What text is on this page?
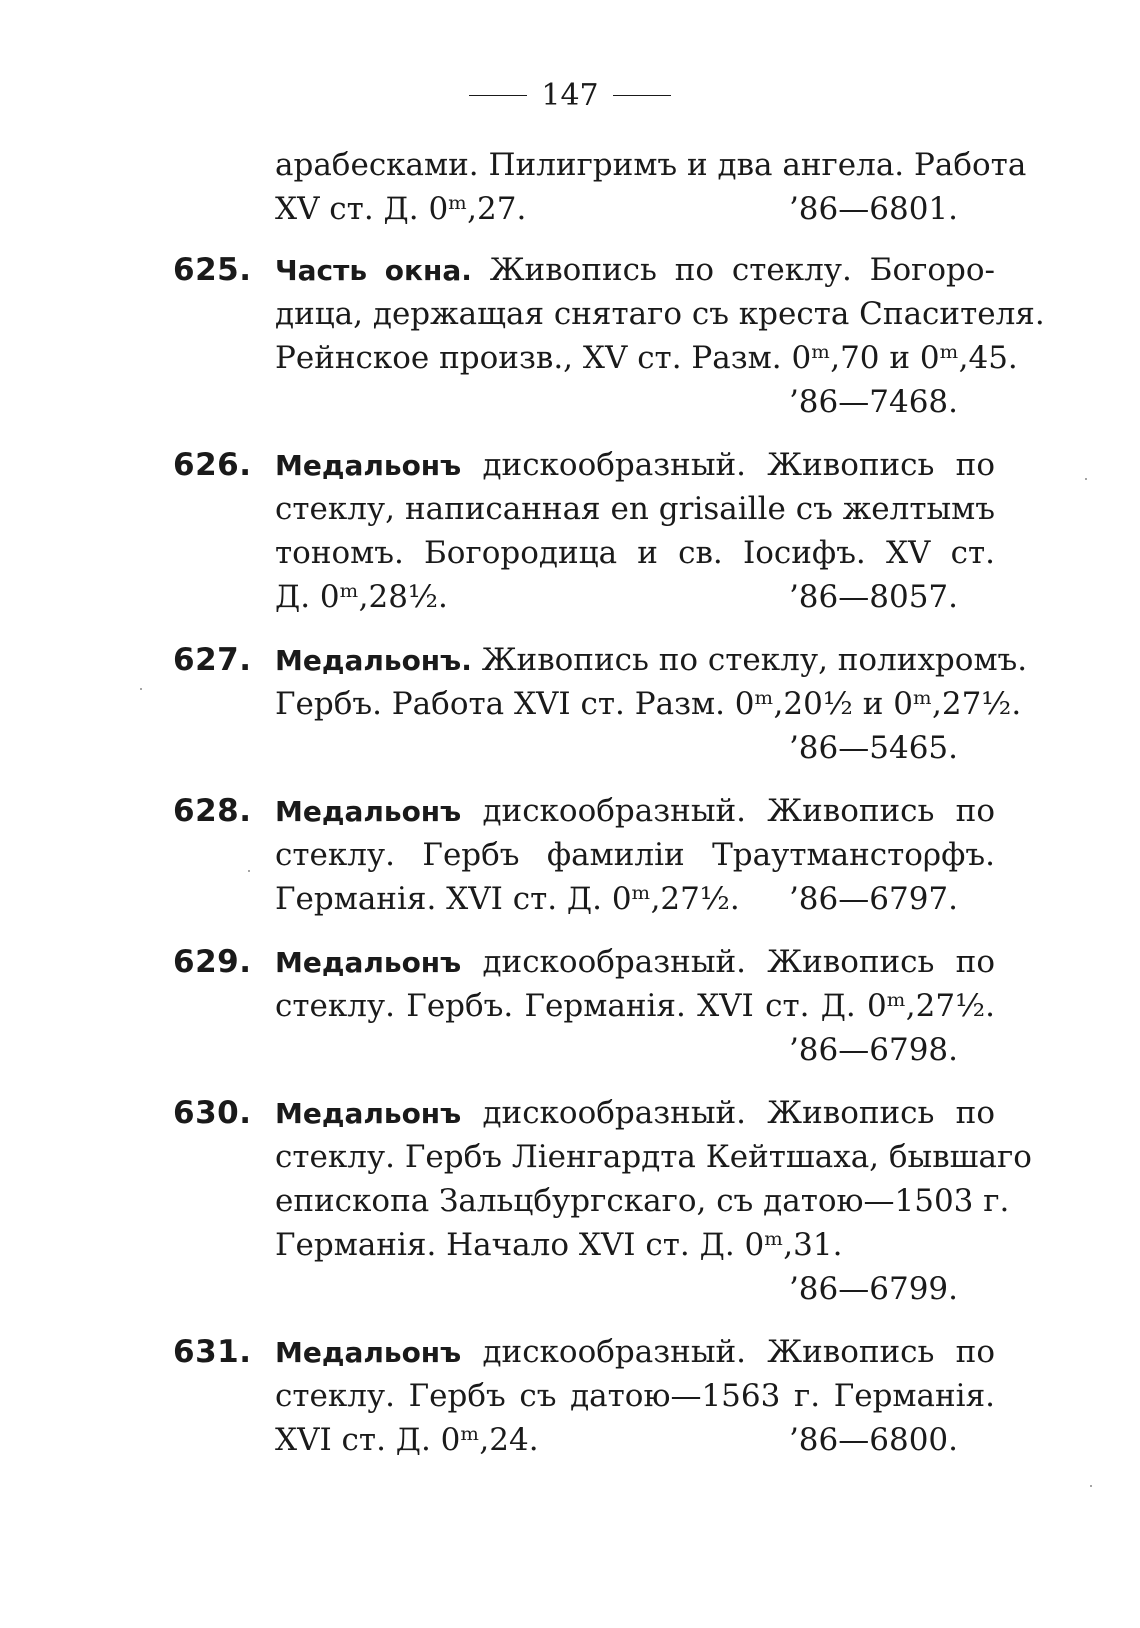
147
арабесками. Пилигримъ и два ангела. Работа
XV ст. Д. 0ᵐ,27.	’86—6801.
625. Часть окна. Живопись по стеклу. Богоро-
дица, держащая снятаго съ креста Спасителя.
Рейнское произв., XV ст. Разм. 0ᵐ,70 и 0ᵐ,45.
’86—7468.
626. Медальонъ дискообразный. Живопись по
стеклу, написанная en grisaille съ желтымъ
тономъ. Богородица и св. Іосифъ. XV ст.
Д. 0ᵐ,28½.	’86—8057.
627. Медальонъ. Живопись по стеклу, полихромъ.
Гербъ. Работа XVI ст. Разм. 0ᵐ,20½ и 0ᵐ,27½.
’86—5465.
628. Медальонъ дискообразный. Живопись по
стеклу. Гербъ фамиліи Траутманстορфъ.
Германія. XVI ст. Д. 0ᵐ,27½. ’86—6797.
629. Медальонъ дискообразный. Живопись по
стеклу. Гербъ. Германія. XVI ст. Д. 0ᵐ,27½.
’86—6798.
630. Медальонъ дискообразный. Живопись по
стеклу. Гербъ Ліенгардта Кейтшаха, бывшаго
епископа Зальцбургскаго, съ датою—1503 г.
Германія. Начало XVI ст. Д. 0ᵐ,31.
’86—6799.
631. Медальонъ дискообразный. Живопись по
стеклу. Гербъ съ датою—1563 г. Германія.
XVI ст. Д. 0ᵐ,24.	’86—6800.
